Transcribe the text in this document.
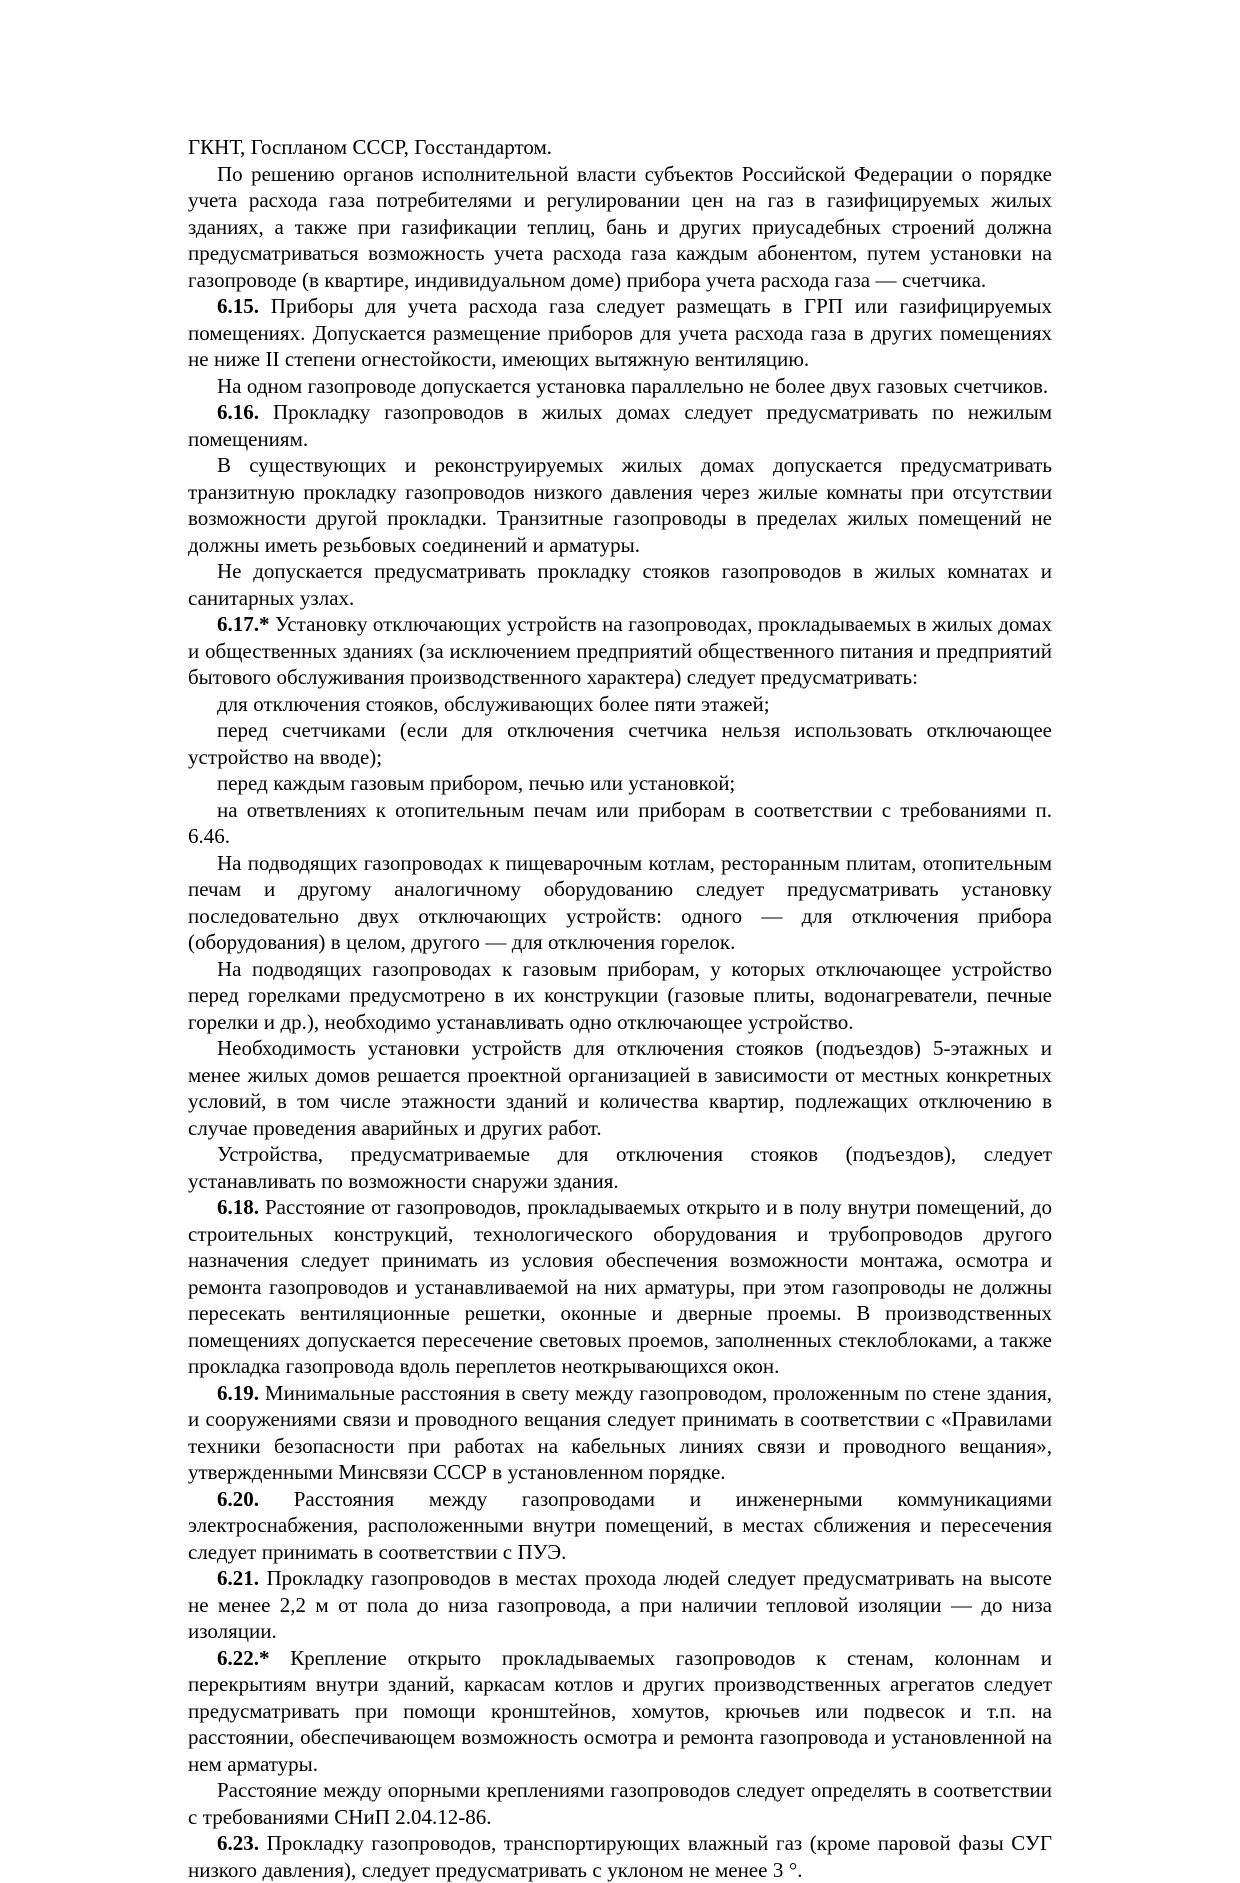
ГКНТ, Госпланом СССР, Госстандартом.

По решению органов исполнительной власти субъектов Российской Федерации о порядке учета расхода газа потребителями и регулировании цен на газ в газифицируемых жилых зданиях, а также при газификации теплиц, бань и других приусадебных строений должна предусматриваться возможность учета расхода газа каждым абонентом, путем установки на газопроводе (в квартире, индивидуальном доме) прибора учета расхода газа — счетчика.

6.15. Приборы для учета расхода газа следует размещать в ГРП или газифицируемых помещениях. Допускается размещение приборов для учета расхода газа в других помещениях не ниже II степени огнестойкости, имеющих вытяжную вентиляцию.

На одном газопроводе допускается установка параллельно не более двух газовых счетчиков.

6.16. Прокладку газопроводов в жилых домах следует предусматривать по нежилым помещениям.

В существующих и реконструируемых жилых домах допускается предусматривать транзитную прокладку газопроводов низкого давления через жилые комнаты при отсутствии возможности другой прокладки. Транзитные газопроводы в пределах жилых помещений не должны иметь резьбовых соединений и арматуры.

Не допускается предусматривать прокладку стояков газопроводов в жилых комнатах и санитарных узлах.

6.17.* Установку отключающих устройств на газопроводах, прокладываемых в жилых домах и общественных зданиях (за исключением предприятий общественного питания и предприятий бытового обслуживания производственного характера) следует предусматривать:

для отключения стояков, обслуживающих более пяти этажей;

перед счетчиками (если для отключения счетчика нельзя использовать отключающее устройство на вводе);

перед каждым газовым прибором, печью или установкой;

на ответвлениях к отопительным печам или приборам в соответствии с требованиями п. 6.46.

На подводящих газопроводах к пищеварочным котлам, ресторанным плитам, отопительным печам и другому аналогичному оборудованию следует предусматривать установку последовательно двух отключающих устройств: одного — для отключения прибора (оборудования) в целом, другого — для отключения горелок.

На подводящих газопроводах к газовым приборам, у которых отключающее устройство перед горелками предусмотрено в их конструкции (газовые плиты, водонагреватели, печные горелки и др.), необходимо устанавливать одно отключающее устройство.

Необходимость установки устройств для отключения стояков (подъездов) 5-этажных и менее жилых домов решается проектной организацией в зависимости от местных конкретных условий, в том числе этажности зданий и количества квартир, подлежащих отключению в случае проведения аварийных и других работ.

Устройства, предусматриваемые для отключения стояков (подъездов), следует устанавливать по возможности снаружи здания.

6.18. Расстояние от газопроводов, прокладываемых открыто и в полу внутри помещений, до строительных конструкций, технологического оборудования и трубопроводов другого назначения следует принимать из условия обеспечения возможности монтажа, осмотра и ремонта газопроводов и устанавливаемой на них арматуры, при этом газопроводы не должны пересекать вентиляционные решетки, оконные и дверные проемы. В производственных помещениях допускается пересечение световых проемов, заполненных стеклоблоками, а также прокладка газопровода вдоль переплетов неоткрывающихся окон.

6.19. Минимальные расстояния в свету между газопроводом, проложенным по стене здания, и сооружениями связи и проводного вещания следует принимать в соответствии с «Правилами техники безопасности при работах на кабельных линиях связи и проводного вещания», утвержденными Минсвязи СССР в установленном порядке.

6.20. Расстояния между газопроводами и инженерными коммуникациями электроснабжения, расположенными внутри помещений, в местах сближения и пересечения следует принимать в соответствии с ПУЭ.

6.21. Прокладку газопроводов в местах прохода людей следует предусматривать на высоте не менее 2,2 м от пола до низа газопровода, а при наличии тепловой изоляции — до низа изоляции.

6.22.* Крепление открыто прокладываемых газопроводов к стенам, колоннам и перекрытиям внутри зданий, каркасам котлов и других производственных агрегатов следует предусматривать при помощи кронштейнов, хомутов, крючьев или подвесок и т.п. на расстоянии, обеспечивающем возможность осмотра и ремонта газопровода и установленной на нем арматуры.

Расстояние между опорными креплениями газопроводов следует определять в соответствии с требованиями СНиП 2.04.12-86.

6.23. Прокладку газопроводов, транспортирующих влажный газ (кроме паровой фазы СУГ низкого давления), следует предусматривать с уклоном не менее 3 °.
